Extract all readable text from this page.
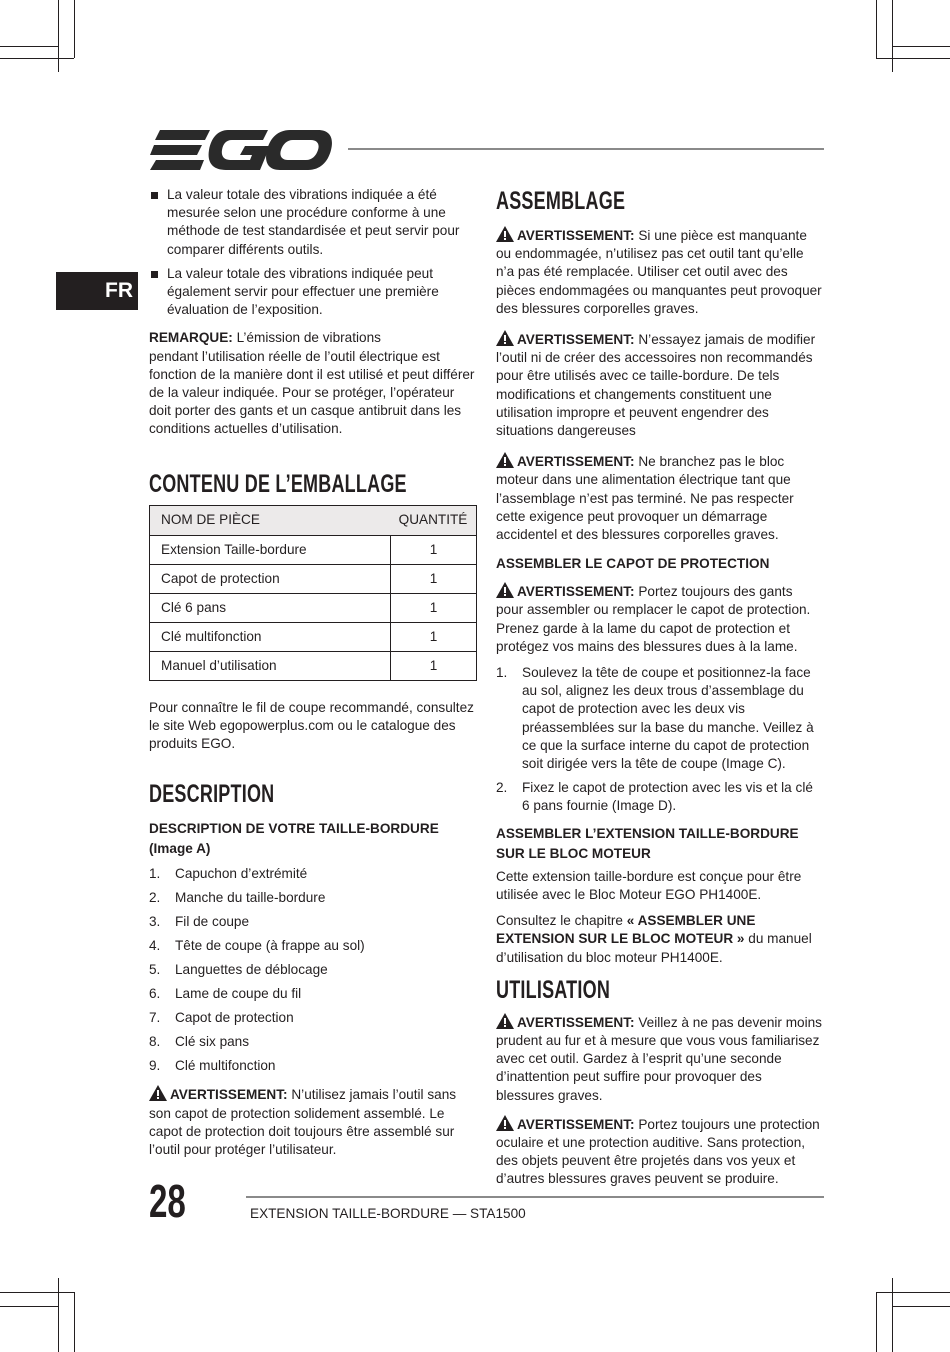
FR
La valeur totale des vibrations indiquée a été mesurée selon une procédure conforme à une méthode de test standardisée et peut servir pour comparer différents outils.
La valeur totale des vibrations indiquée peut également servir pour effectuer une première évaluation de l’exposition.
REMARQUE: L’émission de vibrations
pendant l’utilisation réelle de l’outil électrique est fonction de la manière dont il est utilisé et peut différer de la valeur indiquée. Pour se protéger, l’opérateur doit porter des gants et un casque antibruit dans les conditions actuelles d’utilisation.
CONTENU DE L’EMBALLAGE
NOM DE PIÈCE	QUANTITÉ
Extension Taille-bordure	1
Capot de protection	1
Clé 6 pans	1
Clé multifonction	1
Manuel d’utilisation	1
Pour connaître le fil de coupe recommandé, consultez le site Web egopowerplus.com ou le catalogue des produits EGO.
DESCRIPTION
DESCRIPTION DE VOTRE TAILLE-BORDURE (Image A)
1.	Capuchon d’extrémité
2.	Manche du taille-bordure
3.	Fil de coupe
4.	Tête de coupe (à frappe au sol)
5.	Languettes de déblocage
6.	Lame de coupe du fil
7.	Capot de protection
8.	Clé six pans
9.	Clé multifonction
AVERTISSEMENT: N’utilisez jamais l’outil sans son capot de protection solidement assemblé. Le capot de protection doit toujours être assemblé sur l’outil pour protéger l’utilisateur.
ASSEMBLAGE
AVERTISSEMENT: Si une pièce est manquante ou endommagée, n’utilisez pas cet outil tant qu’elle n’a pas été remplacée. Utiliser cet outil avec des pièces endommagées ou manquantes peut provoquer des blessures corporelles graves.
AVERTISSEMENT: N’essayez jamais de modifier l’outil ni de créer des accessoires non recommandés pour être utilisés avec ce taille-bordure. De tels modifications et changements constituent une utilisation impropre et peuvent engendrer des situations dangereuses
AVERTISSEMENT: Ne branchez pas le bloc moteur dans une alimentation électrique tant que l’assemblage n’est pas terminé. Ne pas respecter cette exigence peut provoquer un démarrage accidentel et des blessures corporelles graves.
ASSEMBLER LE CAPOT DE PROTECTION
AVERTISSEMENT: Portez toujours des gants pour assembler ou remplacer le capot de protection. Prenez garde à la lame du capot de protection et protégez vos mains des blessures dues à la lame.
1.	Soulevez la tête de coupe et positionnez-la face au sol, alignez les deux trous d’assemblage du capot de protection avec les deux vis préassemblées sur la base du manche. Veillez à ce que la surface interne du capot de protection soit dirigée vers la tête de coupe (Image C).
2.	Fixez le capot de protection avec les vis et la clé 6 pans fournie (Image D).
ASSEMBLER L’EXTENSION TAILLE-BORDURE SUR LE BLOC MOTEUR
Cette extension taille-bordure est conçue pour être utilisée avec le Bloc Moteur EGO PH1400E.
Consultez le chapitre « ASSEMBLER UNE EXTENSION SUR LE BLOC MOTEUR » du manuel d’utilisation du bloc moteur PH1400E.
UTILISATION
AVERTISSEMENT: Veillez à ne pas devenir moins prudent au fur et à mesure que vous vous familiarisez avec cet outil. Gardez à l’esprit qu’une seconde d’inattention peut suffire pour provoquer des blessures graves.
AVERTISSEMENT: Portez toujours une protection oculaire et une protection auditive. Sans protection, des objets peuvent être projetés dans vos yeux et d’autres blessures graves peuvent se produire.
28	EXTENSION TAILLE-BORDURE — STA1500
